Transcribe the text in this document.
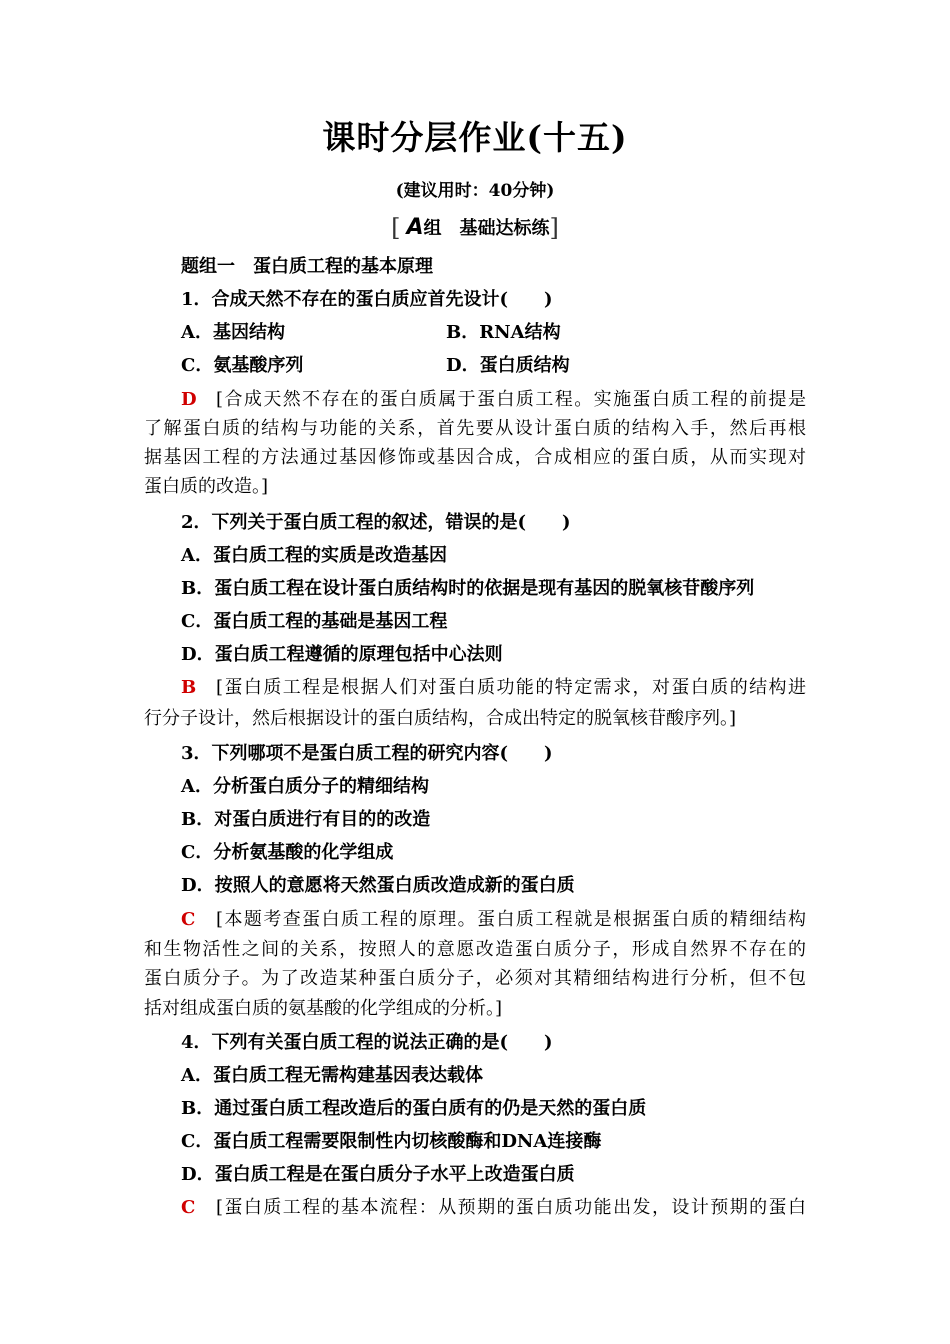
课时分层作业(十五)
(建议用时：40分钟)
[ A组　基础达标练]
题组一　蛋白质工程的基本原理
1．合成天然不存在的蛋白质应首先设计(　　)
A．基因结构	B．RNA结构
C．氨基酸序列	D．蛋白质结构
D [合成天然不存在的蛋白质属于蛋白质工程。实施蛋白质工程的前提是
了解蛋白质的结构与功能的关系，首先要从设计蛋白质的结构入手，然后再根
据基因工程的方法通过基因修饰或基因合成，合成相应的蛋白质，从而实现对
蛋白质的改造。]
2．下列关于蛋白质工程的叙述，错误的是(　　)
A．蛋白质工程的实质是改造基因
B．蛋白质工程在设计蛋白质结构时的依据是现有基因的脱氧核苷酸序列
C．蛋白质工程的基础是基因工程
D．蛋白质工程遵循的原理包括中心法则
B [蛋白质工程是根据人们对蛋白质功能的特定需求，对蛋白质的结构进
行分子设计，然后根据设计的蛋白质结构，合成出特定的脱氧核苷酸序列。]
3．下列哪项不是蛋白质工程的研究内容(　　)
A．分析蛋白质分子的精细结构
B．对蛋白质进行有目的的改造
C．分析氨基酸的化学组成
D．按照人的意愿将天然蛋白质改造成新的蛋白质
C [本题考查蛋白质工程的原理。蛋白质工程就是根据蛋白质的精细结构
和生物活性之间的关系，按照人的意愿改造蛋白质分子，形成自然界不存在的
蛋白质分子。为了改造某种蛋白质分子，必须对其精细结构进行分析，但不包
括对组成蛋白质的氨基酸的化学组成的分析。]
4．下列有关蛋白质工程的说法正确的是(　　)
A．蛋白质工程无需构建基因表达载体
B．通过蛋白质工程改造后的蛋白质有的仍是天然的蛋白质
C．蛋白质工程需要限制性内切核酸酶和DNA连接酶
D．蛋白质工程是在蛋白质分子水平上改造蛋白质
C [蛋白质工程的基本流程：从预期的蛋白质功能出发，设计预期的蛋白
